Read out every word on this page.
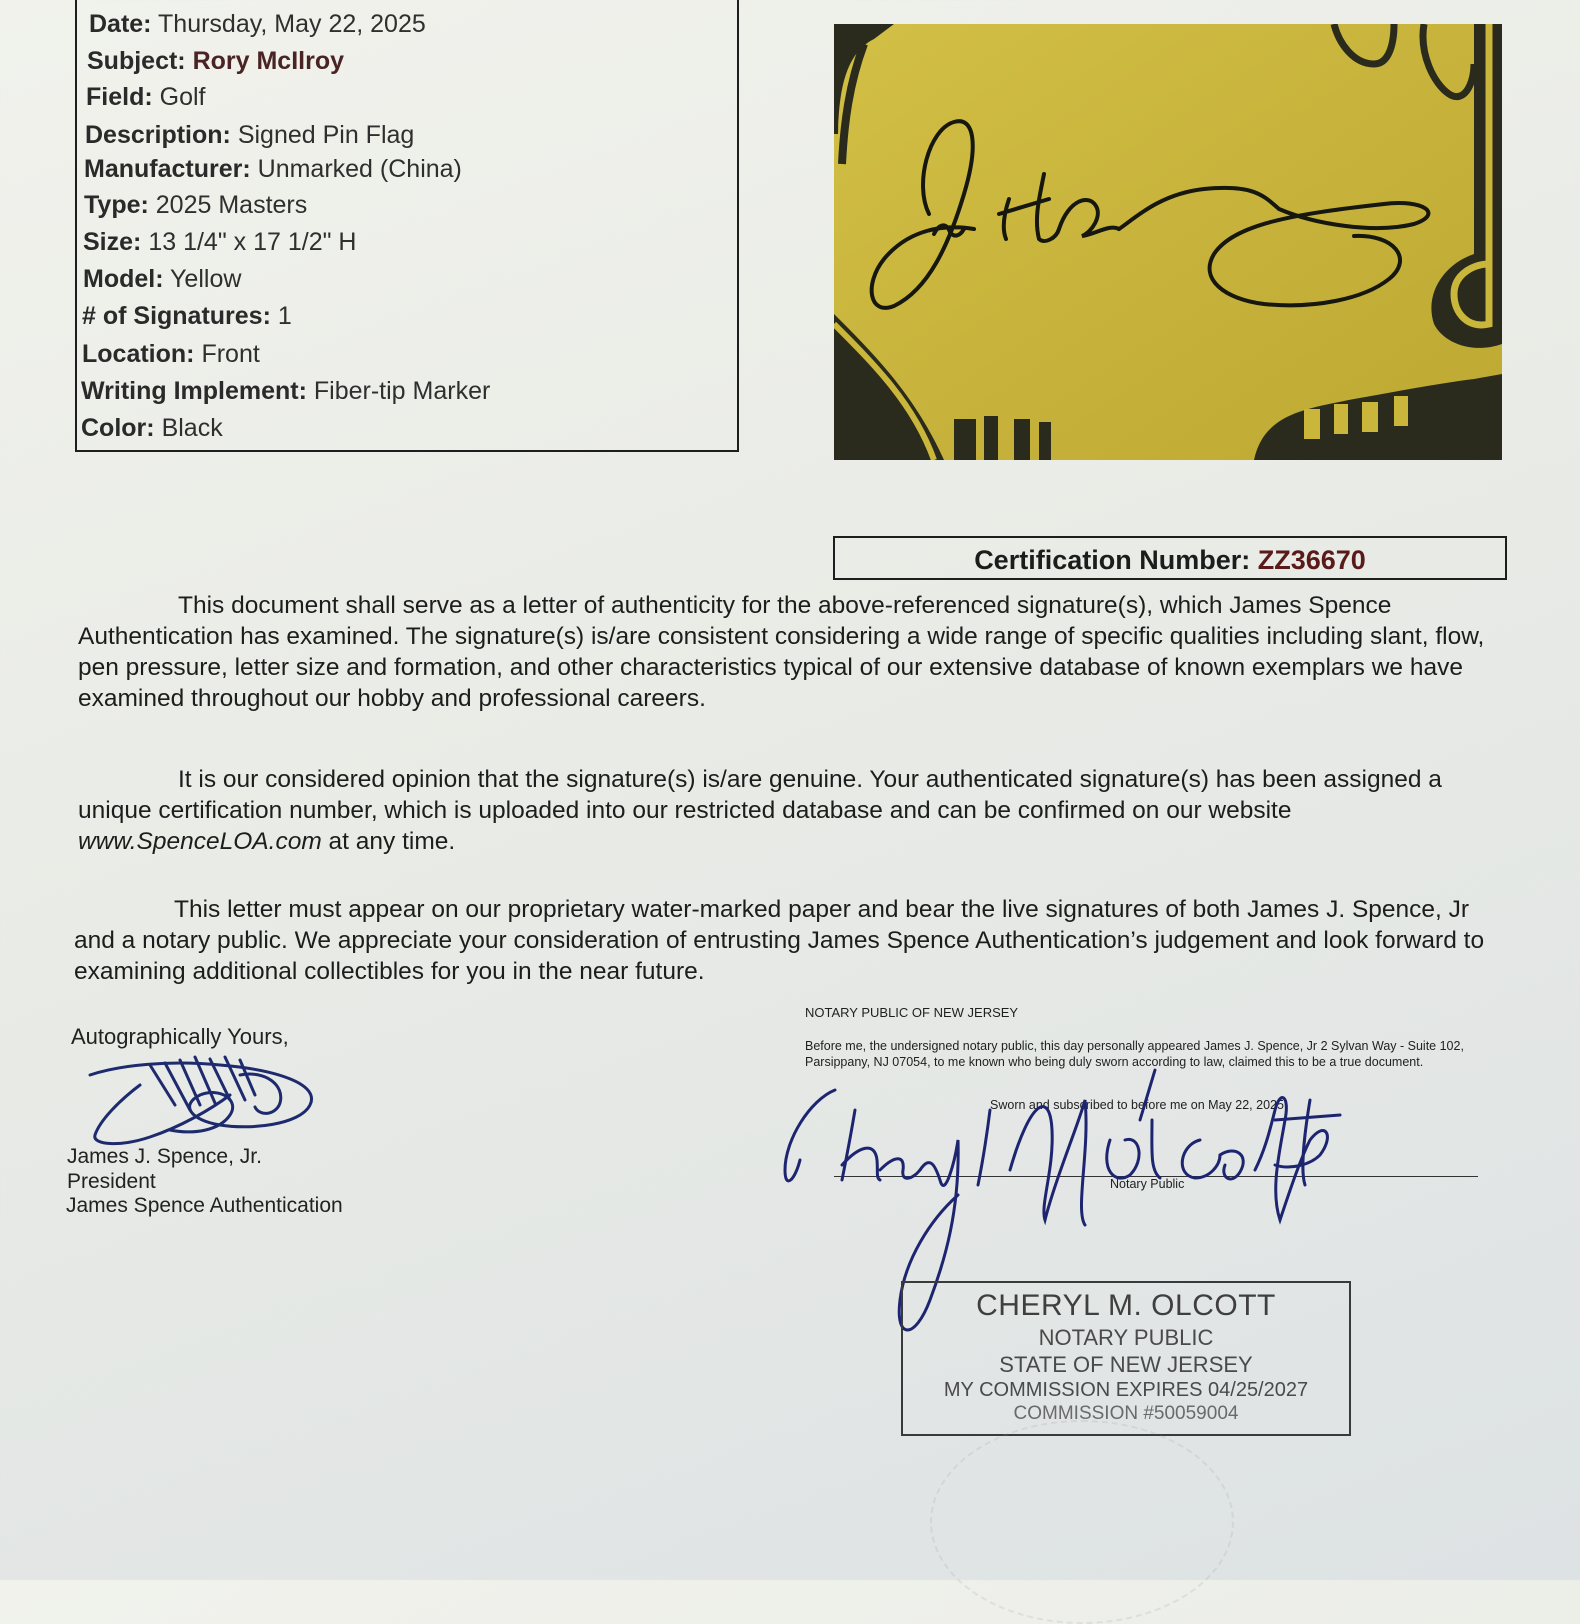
Date: Thursday, May 22, 2025
Subject: Rory McIlroy
Field: Golf
Description: Signed Pin Flag
Manufacturer: Unmarked (China)
Type: 2025 Masters
Size: 13 1/4" x 17 1/2" H
Model: Yellow
# of Signatures: 1
Location: Front
Writing Implement: Fiber-tip Marker
Color: Black
Certification Number: ZZ36670
This document shall serve as a letter of authenticity for the above-referenced signature(s), which James Spence Authentication has examined. The signature(s) is/are consistent considering a wide range of specific qualities including slant, flow, pen pressure, letter size and formation, and other characteristics typical of our extensive database of known exemplars we have examined throughout our hobby and professional careers.
It is our considered opinion that the signature(s) is/are genuine. Your authenticated signature(s) has been assigned a unique certification number, which is uploaded into our restricted database and can be confirmed on our website www.SpenceLOA.com at any time.
This letter must appear on our proprietary water-marked paper and bear the live signatures of both James J. Spence, Jr and a notary public. We appreciate your consideration of entrusting James Spence Authentication’s judgement and look forward to examining additional collectibles for you in the near future.
Autographically Yours,
James J. Spence, Jr.
President
James Spence Authentication
NOTARY PUBLIC OF NEW JERSEY
Before me, the undersigned notary public, this day personally appeared James J. Spence, Jr 2 Sylvan Way - Suite 102, Parsippany, NJ 07054, to me known who being duly sworn according to law, claimed this to be a true document.
Sworn and subscribed to before me on May 22, 2025
Notary Public
CHERYL M. OLCOTT
NOTARY PUBLIC
STATE OF NEW JERSEY
MY COMMISSION EXPIRES 04/25/2027
COMMISSION #50059004
